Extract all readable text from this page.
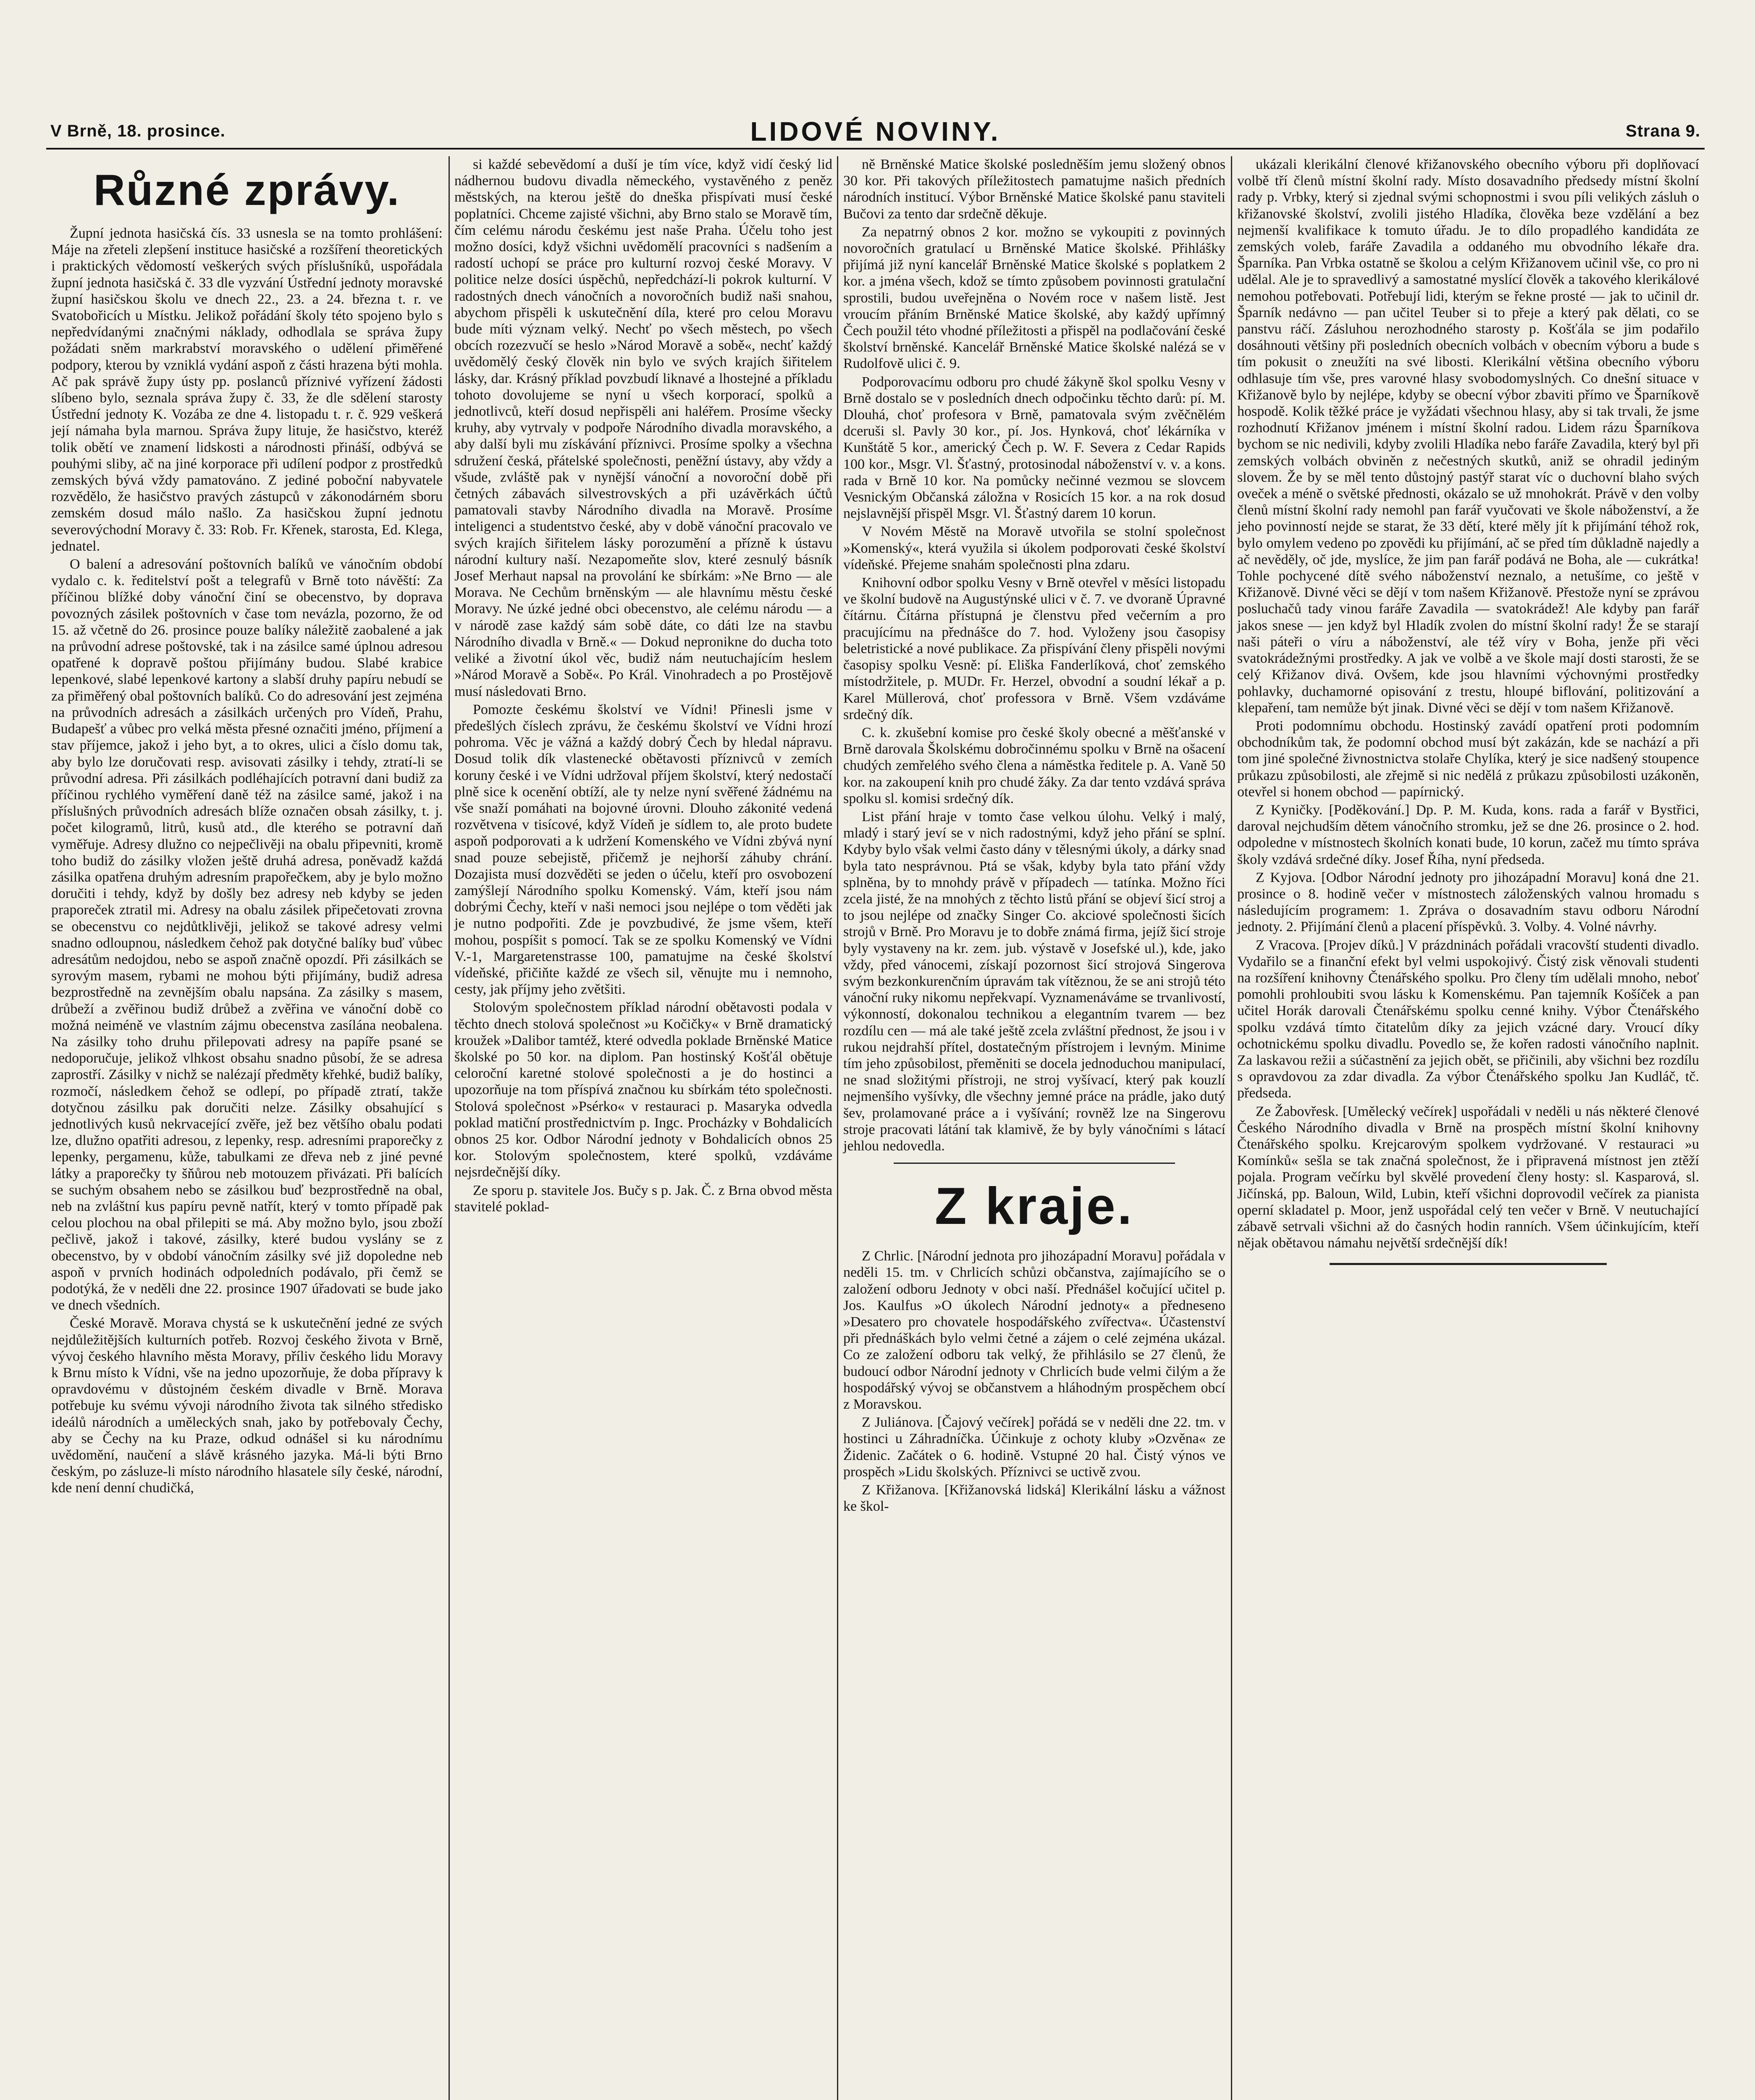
V Brně, 18. prosince.	LIDOVÉ NOVINY.	Strana 9.
Různé zprávy.

Župní jednota hasičská čís. 33 usnesla se na tomto prohlášení: Máje na zřeteli zlepšení instituce hasičské a rozšíření theoretických i praktických vědomostí veškerých svých příslušníků, uspořádala župní jednota hasičská č. 33 dle vyzvání Ústřední jednoty moravské župní hasičskou školu ve dnech 22., 23. a 24. března t. r. ve Svatobořicích u Místku. Jelikož pořádání školy této spojeno bylo s nepředvídanými značnými náklady, odhodlala se správa župy požádati sněm markrabství moravského o udělení přiměřené podpory, kterou by vzniklá vydání aspoň z části hrazena býti mohla. Ač pak správě župy ústy pp. poslanců příznivé vyřízení žádosti slíbeno bylo, seznala správa župy č. 33, že dle sdělení starosty Ústřední jednoty K. Vozába ze dne 4. listopadu t. r. č. 929 veškerá její námaha byla marnou. Správa župy lituje, že hasičstvo, kteréž tolik obětí ve znamení lidskosti a národnosti přináší, odbývá se pouhými sliby, ač na jiné korporace při udílení podpor z prostředků zemských bývá vždy pamatováno. Z jediné poboční nabyvatele rozvědělo, že hasičstvo pravých zástupců v zákonodárném sboru zemském dosud málo našlo. Za hasičskou župní jednotu severovýchodní Moravy č. 33: Rob. Fr. Křenek, starosta, Ed. Klega, jednatel.

O balení a adresování poštovních balíků ve vánočním období vydalo c. k. ředitelství pošt a telegrafů v Brně toto návěští: Za příčinou blížké doby vánoční činí se obecenstvo, by doprava povozných zásilek poštovních v čase tom nevázla, pozorno, že od 15. až včetně do 26. prosince pouze balíky náležitě zaobalené a jak na průvodní adrese poštovské, tak i na zásilce samé úplnou adresou opatřené k dopravě poštou přijímány budou. Slabé krabice lepenkové, slabé lepenkové kartony a slabší druhy papíru nebudí se za přiměřený obal poštovních balíků. Co do adresování jest zejména na průvodních adresách a zásilkách určených pro Vídeň, Prahu, Budapešť a vůbec pro velká města přesné označiti jméno, příjmení a stav příjemce, jakož i jeho byt, a to okres, ulici a číslo domu tak, aby bylo lze doručovati resp. avisovati zásilky i tehdy, ztratí-li se průvodní adresa. Při zásilkách podléhajících potravní dani budiž za příčinou rychlého vyměření daně též na zásilce samé, jakož i na příslušných průvodních adresách blíže označen obsah zásilky, t. j. počet kilogramů, litrů, kusů atd., dle kterého se potravní daň vyměřuje. Adresy dlužno co nejpečlivěji na obalu připevniti, kromě toho budiž do zásilky vložen ještě druhá adresa, poněvadž každá zásilka opatřena druhým adresním prapořečkem, aby je bylo možno doručiti i tehdy, když by došly bez adresy neb kdyby se jeden praporeček ztratil mi. Adresy na obalu zásilek připečetovati zrovna se obecenstvu co nejdůtklivěji, jelikož se takové adresy velmi snadno odloupnou, následkem čehož pak dotyčné balíky buď vůbec adresátům nedojdou, nebo se aspoň značně opozdí. Při zásilkách se syrovým masem, rybami ne mohou býti přijímány, budiž adresa bezprostředně na zevnějším obalu napsána. Za zásilky s masem, drůbeží a zvěřinou budiž drůbež a zvěřina ve vánoční době co možná neiméně ve vlastním zájmu obecenstva zasílána neobalena. Na zásilky toho druhu přilepovati adresy na papíře psané se nedoporučuje, jelikož vlhkost obsahu snadno působí, že se adresa zaprostří. Zásilky v nichž se nalézají předměty křehké, budiž balíky, rozmočí, následkem čehož se odlepí, po případě ztratí, takže dotyčnou zásilku pak doručiti nelze. Zásilky obsahující s jednotlivých kusů nekrvacející zvěře, jež bez většího obalu podati lze, dlužno opatřiti adresou, z lepenky, resp. adresními praporečky z lepenky, pergamenu, kůže, tabulkami ze dřeva neb z jiné pevné látky a praporečky ty šňůrou neb motouzem přivázati. Při balících se suchým obsahem nebo se zásilkou buď bezprostředně na obal, neb na zvláštní kus papíru pevně natřít, který v tomto případě pak celou plochou na obal přilepiti se má. Aby možno bylo, jsou zboží pečlivě, jakož i takové, zásilky, které budou vyslány se z obecenstvo, by v období vánočním zásilky své již dopoledne neb aspoň v prvních hodinách odpoledních podávalo, při čemž se podotýká, že v neděli dne 22. prosince 1907 úřadovati se bude jako ve dnech všedních.

České Moravě. Morava chystá se k uskutečnění jedné ze svých nejdůležitějších kulturních potřeb. Rozvoj českého života v Brně, vývoj českého hlavního města Moravy, příliv českého lidu Moravy k Brnu místo k Vídni, vše na jedno upozorňuje, že doba přípravy k opravdovému v důstojném českém divadle v Brně. Morava potřebuje ku svému vývoji národního života tak silného středisko ideálů národních a uměleckých snah, jako by potřebovaly Čechy, aby se Čechy na ku Praze, odkud odnášel si ku národnímu uvědomění, naučení a slávě krásného jazyka. Má-li býti Brno českým, po zásluze-li místo národního hlasatele síly české, národní, kde není denní chudičká,

si každé sebevědomí a duší je tím více, když vidí český lid nádhernou budovu divadla německého, vystavěného z peněz městských, na kterou ještě do dneška přispívati musí české poplatníci. Chceme zajisté všichni, aby Brno stalo se Moravě tím, čím celému národu českému jest naše Praha. Účelu toho jest možno dosíci, když všichni uvědomělí pracovníci s nadšením a radostí uchopí se práce pro kulturní rozvoj české Moravy. V politice nelze dosíci úspěchů, nepředchází-li pokrok kulturní. V radostných dnech vánočních a novoročních budiž naši snahou, abychom přispěli k uskutečnění díla, které pro celou Moravu bude míti význam velký. Nechť po všech městech, po všech obcích rozezvučí se heslo »Národ Moravě a sobě«, nechť každý uvědomělý český člověk nin bylo ve svých krajích šiřitelem lásky, dar. Krásný příklad povzbudí liknavé a lhostejné a příkladu tohoto dovolujeme se nyní u všech korporací, spolků a jednotlivců, kteří dosud nepřispěli ani haléřem. Prosíme všecky kruhy, aby vytrvaly v podpoře Národního divadla moravského, a aby další byli mu získávání příznivci. Prosíme spolky a všechna sdružení česká, přátelské společnosti, peněžní ústavy, aby vždy a všude, zvláště pak v nynější vánoční a novoroční době při četných zábavách silvestrovských a při uzávěrkách účtů pamatovali stavby Národního divadla na Moravě. Prosíme inteligenci a studentstvo české, aby v době vánoční pracovalo ve svých krajích šiřitelem lásky porozumění a přízně k ústavu národní kultury naší. Nezapomeňte slov, které zesnulý básník Josef Merhaut napsal na provolání ke sbírkám: »Ne Brno — ale Morava. Ne Cechům brněnským — ale hlavnímu městu české Moravy. Ne úzké jedné obci obecenstvo, ale celému národu — a v národě zase každý sám sobě dáte, co dáti lze na stavbu Národního divadla v Brně.« — Dokud nepronikne do ducha toto veliké a životní úkol věc, budiž nám neutuchajícím heslem »Národ Moravě a Sobě«. Po Král. Vinohradech a po Prostějově musí následovati Brno.

Pomozte českému školství ve Vídni! Přinesli jsme v předešlých číslech zprávu, že českému školství ve Vídni hrozí pohroma. Věc je vážná a každý dobrý Čech by hledal nápravu. Dosud tolik dík vlastenecké obětavosti příznivců v zemích koruny české i ve Vídni udržoval příjem školství, který nedostačí plně sice k ocenění obtíží, ale ty nelze nyní svěřené žádnému na vše snaží pomáhati na bojovné úrovni. Dlouho zákonité vedená rozvětvena v tisícové, když Vídeň je sídlem to, ale proto budete aspoň podporovati a k udržení Komenského ve Vídni zbývá nyní snad pouze sebejistě, přičemž je nejhorší záhuby chrání. Dozajista musí dozvěděti se jeden o účelu, kteří pro osvobození zamýšlejí Národního spolku Komenský. Vám, kteří jsou nám dobrými Čechy, kteří v naši nemoci jsou nejlépe o tom věděti jak je nutno podpořiti. Zde je povzbudivé, že jsme všem, kteří mohou, pospíšit s pomocí. Tak se ze spolku Komenský ve Vídni V.-1, Margaretenstrasse 100, pamatujme na české školství vídeňské, přičiňte každé ze všech sil, věnujte mu i nemnoho, cesty, jak příjmy jeho zvětšiti.

Stolovým společnostem příklad národní obětavosti podala v těchto dnech stolová společnost »u Kočičky« v Brně dramatický kroužek »Dalibor tamtéž, které odvedla poklade Brněnské Matice školské po 50 kor. na diplom. Pan hostinský Košťál obětuje celoroční karetné stolové společnosti a je do hostinci a upozorňuje na tom příspívá značnou ku sbírkám této společnosti. Stolová společnost »Psérko« v restauraci p. Masaryka odvedla poklad matiční prostřednictvím p. Ingc. Procházky v Bohdalicích obnos 25 kor. Odbor Národní jednoty v Bohdalicích obnos 25 kor. Stolovým společnostem, které spolků, vzdáváme nejsrdečnější díky.

Ze sporu p. stavitele Jos. Bučy s p. Jak. Č. z Brna obvod města stavitelé poklad-

ně Brněnské Matice školské posledněším jemu složený obnos 30 kor. Při takových příležitostech pamatujme našich předních národních institucí. Výbor Brněnské Matice školské panu staviteli Bučovi za tento dar srdečně děkuje.

Za nepatrný obnos 2 kor. možno se vykoupiti z povinných novoročních gratulací u Brněnské Matice školské. Přihlášky přijímá již nyní kancelář Brněnské Matice školské s poplatkem 2 kor. a jména všech, kdož se tímto způsobem povinnosti gratulační sprostili, budou uveřejněna o Novém roce v našem listě. Jest vroucím přáním Brněnské Matice školské, aby každý upřímný Čech použil této vhodné příležitosti a přispěl na podlačování české školství brněnské. Kancelář Brněnské Matice školské nalézá se v Rudolfově ulici č. 9.

Podporovacímu odboru pro chudé žákyně škol spolku Vesny v Brně dostalo se v posledních dnech odpočinku těchto darů: pí. M. Dlouhá, choť profesora v Brně, pamatovala svým zvěčnělém dceruši sl. Pavly 30 kor., pí. Jos. Hynková, choť lékárníka v Kunštátě 5 kor., americký Čech p. W. F. Severa z Cedar Rapids 100 kor., Msgr. Vl. Šťastný, protosinodal náboženství v. v. a kons. rada v Brně 10 kor. Na pomůcky nečinné vezmou se slovcem Vesnickým Občanská záložna v Rosicích 15 kor. a na rok dosud nejslavnější přispěl Msgr. Vl. Šťastný darem 10 korun.

V Novém Městě na Moravě utvořila se stolní společnost »Komenský«, která využila si úkolem podporovati české školství vídeňské. Přejeme snahám společnosti plna zdaru.

Knihovní odbor spolku Vesny v Brně otevřel v měsíci listopadu ve školní budově na Augustýnské ulici v č. 7. ve dvoraně Úpravné čítárnu. Čítárna přístupná je členstvu před večerním a pro pracujícímu na přednášce do 7. hod. Vyloženy jsou časopisy beletristické a nové publikace. Za přispívání členy přispěli novými časopisy spolku Vesně: pí. Eliška Fanderlíková, choť zemského místodržitele, p. MUDr. Fr. Herzel, obvodní a soudní lékař a p. Karel Müllerová, choť professora v Brně. Všem vzdáváme srdečný dík.

C. k. zkušební komise pro české školy obecné a měšťanské v Brně darovala Školskému dobročinnému spolku v Brně na ošacení chudých zemřelého svého člena a náměstka ředitele p. A. Vaně 50 kor. na zakoupení knih pro chudé žáky. Za dar tento vzdává správa spolku sl. komisi srdečný dík.

List přání hraje v tomto čase velkou úlohu. Velký i malý, mladý i starý jeví se v nich radostnými, když jeho přání se splní. Kdyby bylo však velmi často dány v tělesnými úkoly, a dárky snad byla tato nesprávnou. Ptá se však, kdyby byla tato přání vždy splněna, by to mnohdy právě v případech — tatínka. Možno říci zcela jisté, že na mnohých z těchto listů přání se objeví šicí stroj a to jsou nejlépe od značky Singer Co. akciové společnosti šicích strojů v Brně. Pro Moravu je to dobře známá firma, jejíž šicí stroje byly vystaveny na kr. zem. jub. výstavě v Josefské ul.), kde, jako vždy, před vánocemi, získají pozornost šicí strojová Singerova svým bezkonkurenčním úpravám tak vítěznou, že se ani strojů této vánoční ruky nikomu nepřekvapí. Vyznamenáváme se trvanlivostí, výkonností, dokonalou technikou a elegantním tvarem — bez rozdílu cen — má ale také ještě zcela zvláštní přednost, že jsou i v rukou nejdrahší přítel, dostatečným přístrojem i levným. Minime tím jeho způsobilost, přeměniti se docela jednoduchou manipulací, ne snad složitými přístroji, ne stroj vyšívací, který pak kouzlí nejmenšího vyšívky, dle všechny jemné práce na prádle, jako dutý šev, prolamované práce a i vyšívání; rovněž lze na Singerovu stroje pracovati látání tak klamivě, že by byly vánočními s látací jehlou nedovedla.

Z kraje.

Z Chrlic. [Národní jednota pro jihozápadní Moravu] pořádala v neděli 15. tm. v Chrlicích schůzi občanstva, zajímajícího se o založení odboru Jednoty v obci naší. Přednášel kočující učitel p. Jos. Kaulfus »O úkolech Národní jednoty« a předneseno »Desatero pro chovatele hospodářského zvířectva«. Účastenství při přednáškách bylo velmi četné a zájem o celé zejména ukázal. Co ze založení odboru tak velký, že přihlásilo se 27 členů, že budoucí odbor Národní jednoty v Chrlicích bude velmi čilým a že hospodářský vývoj se občanstvem a hláhodným prospěchem obcí z Moravskou.

Z Juliánova. [Čajový večírek] pořádá se v neděli dne 22. tm. v hostinci u Záhradníčka. Účinkuje z ochoty kluby »Ozvěna« ze Židenic. Začátek o 6. hodině. Vstupné 20 hal. Čistý výnos ve prospěch »Lidu školských. Příznivci se uctivě zvou.

Z Křižanova. [Křižanovská lidská] Klerikální lásku a vážnost ke škol-

ukázali klerikální členové křižanovského obecního výboru při doplňovací volbě tří členů místní školní rady. Místo dosavadního předsedy místní školní rady p. Vrbky, který si zjednal svými schopnostmi i svou píli velikých zásluh o křižanovské školství, zvolili jistého Hladíka, člověka beze vzdělání a bez nejmenší kvalifikace k tomuto úřadu. Je to dílo propadlého kandidáta ze zemských voleb, faráře Zavadila a oddaného mu obvodního lékaře dra. Šparníka. Pan Vrbka ostatně se školou a celým Křižanovem učinil vše, co pro ni udělal. Ale je to spravedlivý a samostatné myslící člověk a takového klerikálové nemohou potřebovati. Potřebují lidi, kterým se řekne prosté — jak to učinil dr. Šparník nedávno — pan učitel Teuber si to přeje a který pak dělati, co se panstvu ráčí. Zásluhou nerozhodného starosty p. Košťála se jim podařilo dosáhnouti většiny při posledních obecních volbách v obecním výboru a bude s tím pokusit o zneužíti na své libosti. Klerikální většina obecního výboru odhlasuje tím vše, pres varovné hlasy svobodomyslných. Co dnešní situace v Křižanově bylo by nejlépe, kdyby se obecní výbor zbaviti přímo ve Šparníkově hospodě. Kolik těžké práce je vyžádati všechnou hlasy, aby si tak trvali, že jsme rozhodnutí Křižanov jménem i místní školní radou. Lidem rázu Šparníkova bychom se nic nedivili, kdyby zvolili Hladíka nebo faráře Zavadila, který byl při zemských volbách obviněn z nečestných skutků, aniž se ohradil jediným slovem. Že by se měl tento důstojný pastýř starat víc o duchovní blaho svých oveček a méně o světské přednosti, okázalo se už mnohokrát. Právě v den volby členů místní školní rady nemohl pan farář vyučovati ve škole náboženství, a že jeho povinností nejde se starat, že 33 dětí, které měly jít k přijímání téhož rok, bylo omylem vedeno po zpovědi ku přijímání, ač se před tím důkladně najedly a ač nevěděly, oč jde, myslíce, že jim pan farář podává ne Boha, ale — cukrátka! Tohle pochycené dítě svého náboženství neznalo, a netušíme, co ještě v Křižanově. Divné věci se dějí v tom našem Křižanově. Přestože nyní se zprávou posluchačů tady vinou faráře Zavadila — svatokrádež! Ale kdyby pan farář jakos snese — jen když byl Hladík zvolen do místní školní rady! Že se starají naši páteři o víru a náboženství, ale též víry v Boha, jenže při věci svatokrádežnými prostředky. A jak ve volbě a ve škole mají dosti starosti, že se celý Křižanov divá. Ovšem, kde jsou hlavními výchovnými prostředky pohlavky, duchamorné opisování z trestu, hloupé biflování, politizování a klepaření, tam nemůže být jinak. Divné věci se dějí v tom našem Křižanově.

Proti podomnímu obchodu. Hostinský zavádí opatření proti podomním obchodníkům tak, že podomní obchod musí být zakázán, kde se nachází a při tom jiné společné živnostnictva stolaře Chylíka, který je sice nadšený stoupence průkazu způsobilosti, ale zřejmě si nic nedělá z průkazu způsobilosti uzákoněn, otevřel si honem obchod — papírnický.

Z Kyničky. [Poděkování.] Dp. P. M. Kuda, kons. rada a farář v Bystřici, daroval nejchudším dětem vánočního stromku, jež se dne 26. prosince o 2. hod. odpoledne v místnostech školních konati bude, 10 korun, začež mu tímto správa školy vzdává srdečné díky. Josef Říha, nyní předseda.

Z Kyjova. [Odbor Národní jednoty pro jihozápadní Moravu] koná dne 21. prosince o 8. hodině večer v místnostech záloženských valnou hromadu s následujícím programem: 1. Zpráva o dosavadním stavu odboru Národní jednoty. 2. Přijímání členů a placení příspěvků. 3. Volby. 4. Volné návrhy.

Z Vracova. [Projev díků.] V prázdninách pořádali vracovští studenti divadlo. Vydařilo se a finanční efekt byl velmi uspokojivý. Čistý zisk věnovali studenti na rozšíření knihovny Čtenářského spolku. Pro členy tím udělali mnoho, neboť pomohli prohloubiti svou lásku k Komenskému. Pan tajemník Košíček a pan učitel Horák darovali Čtenářskému spolku cenné knihy. Výbor Čtenářského spolku vzdává tímto čitatelům díky za jejich vzácné dary. Vroucí díky ochotnickému spolku divadlu. Povedlo se, že kořen radosti vánočního naplnit. Za laskavou režii a súčastnění za jejich obět, se přičinili, aby všichni bez rozdílu s opravdovou za zdar divadla. Za výbor Čtenářského spolku Jan Kudláč, tč. předseda.

Ze Žabovřesk. [Umělecký večírek] uspořádali v neděli u nás některé členové Českého Národního divadla v Brně na prospěch místní školní knihovny Čtenářského spolku. Krejcarovým spolkem vydržované. V restauraci »u Komínků« sešla se tak značná společnost, že i připravená místnost jen ztěží pojala. Program večírku byl skvělé provedení členy hosty: sl. Kasparová, sl. Jičínská, pp. Baloun, Wild, Lubin, kteří všichni doprovodil večírek za pianista operní skladatel p. Moor, jenž uspořádal celý ten večer v Brně. V neutuchající zábavě setrvali všichni až do časných hodin ranních. Všem účinkujícím, kteří nějak obětavou námahu největší srdečnější dík!
